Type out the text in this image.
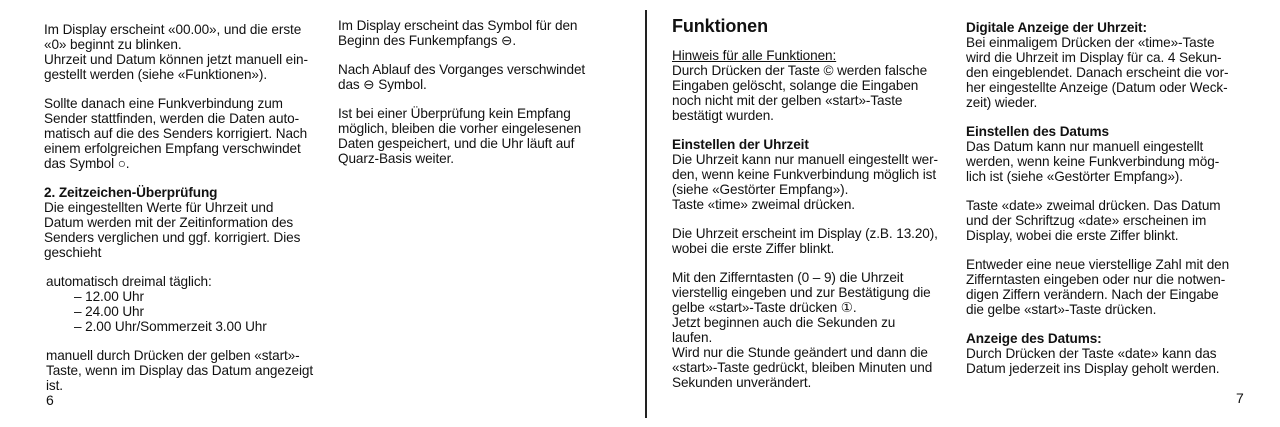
Im Display erscheint «00.00», und die erste

«0» beginnt zu blinken.

Uhrzeit und Datum können jetzt manuell ein-

gestellt werden (siehe «Funktionen»).

Sollte danach eine Funkverbindung zum

Sender stattfinden, werden die Daten auto-

matisch auf die des Senders korrigiert. Nach

einem erfolgreichen Empfang verschwindet

das Symbol ○.

2. Zeitzeichen-Überprüfung

Die eingestellten Werte für Uhrzeit und

Datum werden mit der Zeitinformation des

Senders verglichen und ggf. korrigiert. Dies

geschieht

automatisch dreimal täglich:

– 12.00 Uhr

– 24.00 Uhr

– 2.00 Uhr/Sommerzeit 3.00 Uhr

manuell durch Drücken der gelben «start»-

Taste, wenn im Display das Datum angezeigt

ist.

6

Im Display erscheint das Symbol für den

Beginn des Funkempfangs ⊖.

Nach Ablauf des Vorganges verschwindet

das ⊖ Symbol.

Ist bei einer Überprüfung kein Empfang

möglich, bleiben die vorher eingelesenen

Daten gespeichert, und die Uhr läuft auf

Quarz-Basis weiter.

Funktionen

Hinweis für alle Funktionen:

Durch Drücken der Taste © werden falsche

Eingaben gelöscht, solange die Eingaben

noch nicht mit der gelben «start»-Taste

bestätigt wurden.

Einstellen der Uhrzeit

Die Uhrzeit kann nur manuell eingestellt wer-

den, wenn keine Funkverbindung möglich ist

(siehe «Gestörter Empfang»).

Taste «time» zweimal drücken.

Die Uhrzeit erscheint im Display (z.B. 13.20),

wobei die erste Ziffer blinkt.

Mit den Zifferntasten (0 – 9) die Uhrzeit

vierstellig eingeben und zur Bestätigung die

gelbe «start»-Taste drücken ①.

Jetzt beginnen auch die Sekunden zu

laufen.

Wird nur die Stunde geändert und dann die

«start»-Taste gedrückt, bleiben Minuten und

Sekunden unverändert.

Digitale Anzeige der Uhrzeit:

Bei einmaligem Drücken der «time»-Taste

wird die Uhrzeit im Display für ca. 4 Sekun-

den eingeblendet. Danach erscheint die vor-

her eingestellte Anzeige (Datum oder Weck-

zeit) wieder.

Einstellen des Datums

Das Datum kann nur manuell eingestellt

werden, wenn keine Funkverbindung mög-

lich ist (siehe «Gestörter Empfang»).

Taste «date» zweimal drücken. Das Datum

und der Schriftzug «date» erscheinen im

Display, wobei die erste Ziffer blinkt.

Entweder eine neue vierstellige Zahl mit den

Zifferntasten eingeben oder nur die notwen-

digen Ziffern verändern. Nach der Eingabe

die gelbe «start»-Taste drücken.

Anzeige des Datums:

Durch Drücken der Taste «date» kann das

Datum jederzeit ins Display geholt werden.

7
